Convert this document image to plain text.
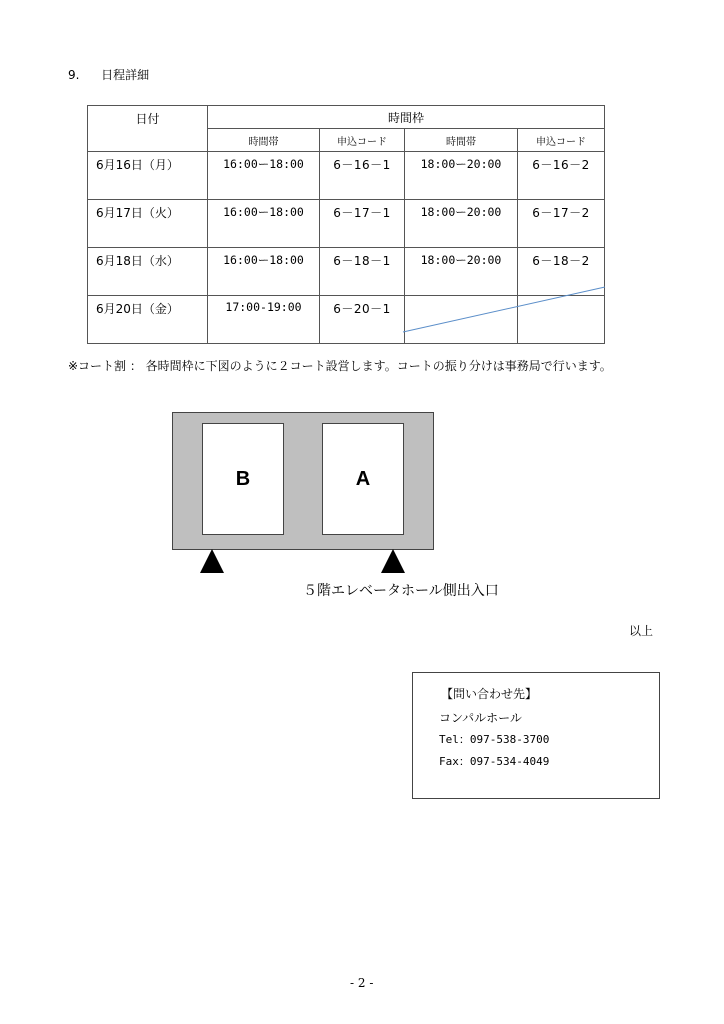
9. 日程詳細
日付	時間枠			
	時間帯	申込コード	時間帯	申込コード
6月16日（月）	16:00ー18:00	6－16－1	18:00ー20:00	6－16－2
6月17日（火）	16:00ー18:00	6－17－1	18:00ー20:00	6－17－2
6月18日（水）	16:00ー18:00	6－18－1	18:00ー20:00	6－18－2
6月20日（金）	17:00-19:00	6－20－1		
※コート割 ： 各時間枠に下図のように２コート設営します。コートの振り分けは事務局で行います。
B	A
５階エレベータホール側出入口
以上
【問い合わせ先】
コンパルホール
Tel：097-538-3700
Fax：097-534-4049
- 2 -
